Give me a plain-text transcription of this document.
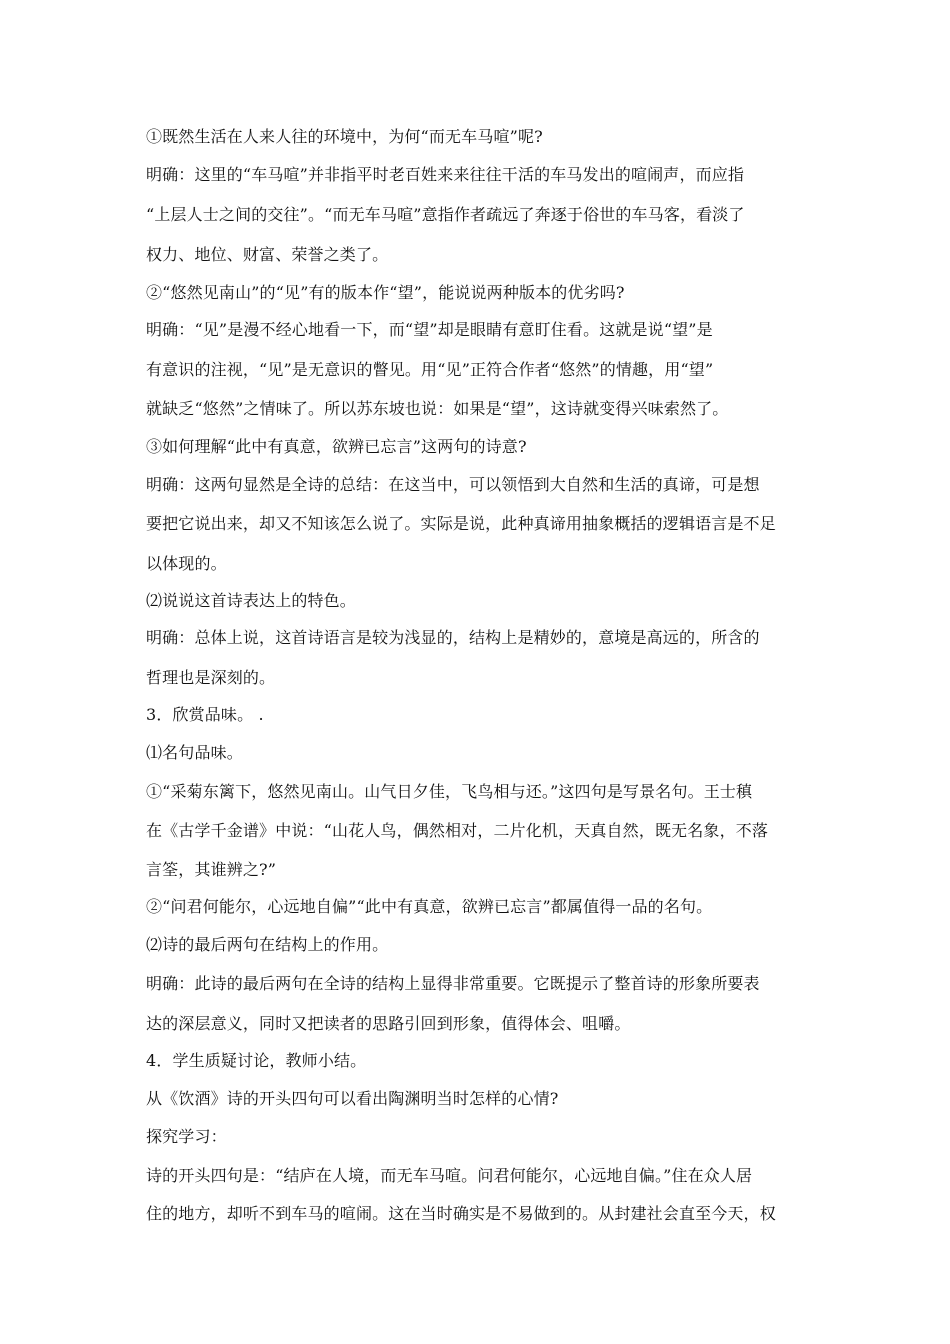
①既然生活在人来人往的环境中，为何“而无车马喧”呢?
明确：这里的“车马喧”并非指平时老百姓来来往往干活的车马发出的喧闹声，而应指
“上层人士之间的交往”。“而无车马喧”意指作者疏远了奔逐于俗世的车马客，看淡了
权力、地位、财富、荣誉之类了。
②“悠然见南山”的“见”有的版本作“望”，能说说两种版本的优劣吗?
明确：“见”是漫不经心地看一下，而“望”却是眼睛有意盯住看。这就是说“望”是
有意识的注视，“见”是无意识的瞥见。用“见”正符合作者“悠然”的情趣，用“望”
就缺乏“悠然”之情味了。所以苏东坡也说：如果是“望”，这诗就变得兴味索然了。
③如何理解“此中有真意，欲辨已忘言”这两句的诗意?
明确：这两句显然是全诗的总结：在这当中，可以领悟到大自然和生活的真谛，可是想
要把它说出来，却又不知该怎么说了。实际是说，此种真谛用抽象概括的逻辑语言是不足
以体现的。
⑵说说这首诗表达上的特色。
明确：总体上说，这首诗语言是较为浅显的，结构上是精妙的，意境是高远的，所含的
哲理也是深刻的。
3．欣赏品味。 .
⑴名句品味。
①“采菊东篱下，悠然见南山。山气日夕佳，飞鸟相与还。”这四句是写景名句。王士稹
在《古学千金谱》中说：“山花人鸟，偶然相对，二片化机，天真自然，既无名象，不落
言筌，其谁辨之?”
②“问君何能尔，心远地自偏”“此中有真意，欲辨已忘言”都属值得一品的名句。
⑵诗的最后两句在结构上的作用。
明确：此诗的最后两句在全诗的结构上显得非常重要。它既提示了整首诗的形象所要表
达的深层意义，同时又把读者的思路引回到形象，值得体会、咀嚼。
4．学生质疑讨论，教师小结。
从《饮酒》诗的开头四句可以看出陶渊明当时怎样的心情?
探究学习：
诗的开头四句是：“结庐在人境，而无车马喧。问君何能尔，心远地自偏。”住在众人居
住的地方，却听不到车马的喧闹。这在当时确实是不易做到的。从封建社会直至今天，权
